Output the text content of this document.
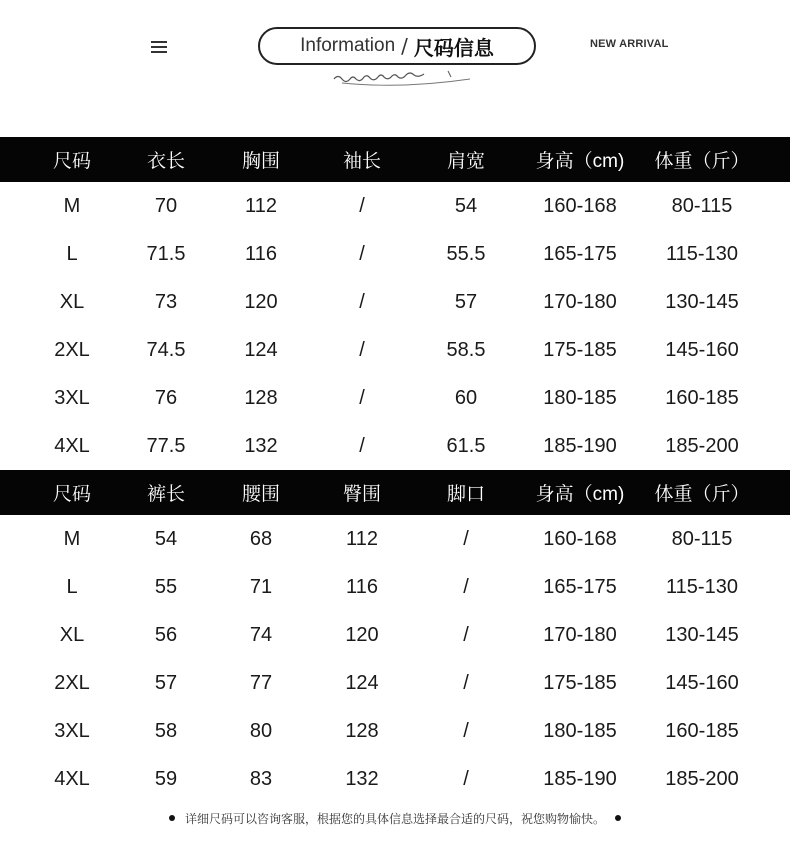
Information / 尺码信息	NEW ARRIVAL
尺码	衣长	胸围	袖长	肩宽	身高（cm) 体重（斤）
M	70	112	/	54	160-168	80-115
L	71.5	116	/	55.5	165-175 115-130
XL	73	120	/	57	170-180 130-145
2XL	74.5	124	/	58.5	175-185 145-160
3XL	76	128	/	60	180-185 160-185
4XL	77.5	132	/	61.5	185-190 185-200
尺码	裤长	腰围	臀围	脚口	身高（cm) 体重（斤）
M	54	68	112	/	160-168	80-115
L	55	71	116	/	165-175 115-130
XL	56	74	120	/	170-180 130-145
2XL	57	77	124	/	175-185 145-160
3XL	58	80	128	/	180-185 160-185
4XL	59	83	132	/	185-190 185-200
详细尺码可以咨询客服，根据您的具体信息选择最合适的尺码，祝您购物愉快。
